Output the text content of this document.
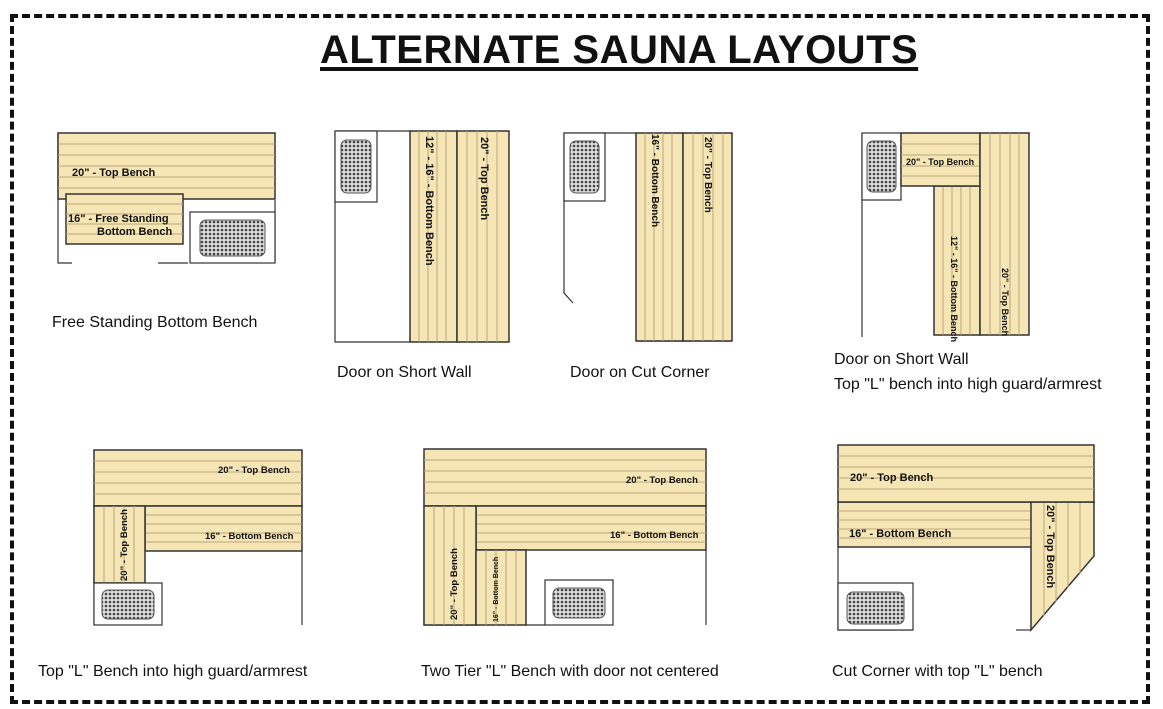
ALTERNATE SAUNA LAYOUTS
20" - Top Bench
16" - Free Standing
Bottom Bench	12" - 16" - Bottom Bench	20" - Top Bench	16" - Bottom Bench	20" - Top Bench
12" - 16" - Bottom Bench
20" - Top Bench
20" - Top Bench
20" - Top Bench
16" - Bottom Bench
20" - Top Bench
20" - Top Bench
16" - Bottom Bench
20" - Top Bench	16" - Bottom Bench
16" - Bottom Bench	20" - Top Bench
20" - Top Bench
Free Standing Bottom Bench
Door on Short Wall	Door on Cut Corner
Door on Short Wall
Top "L" bench into high guard/armrest
Top "L" Bench into high guard/armrest	Two Tier "L" Bench with door not centered	Cut Corner with top "L" bench
